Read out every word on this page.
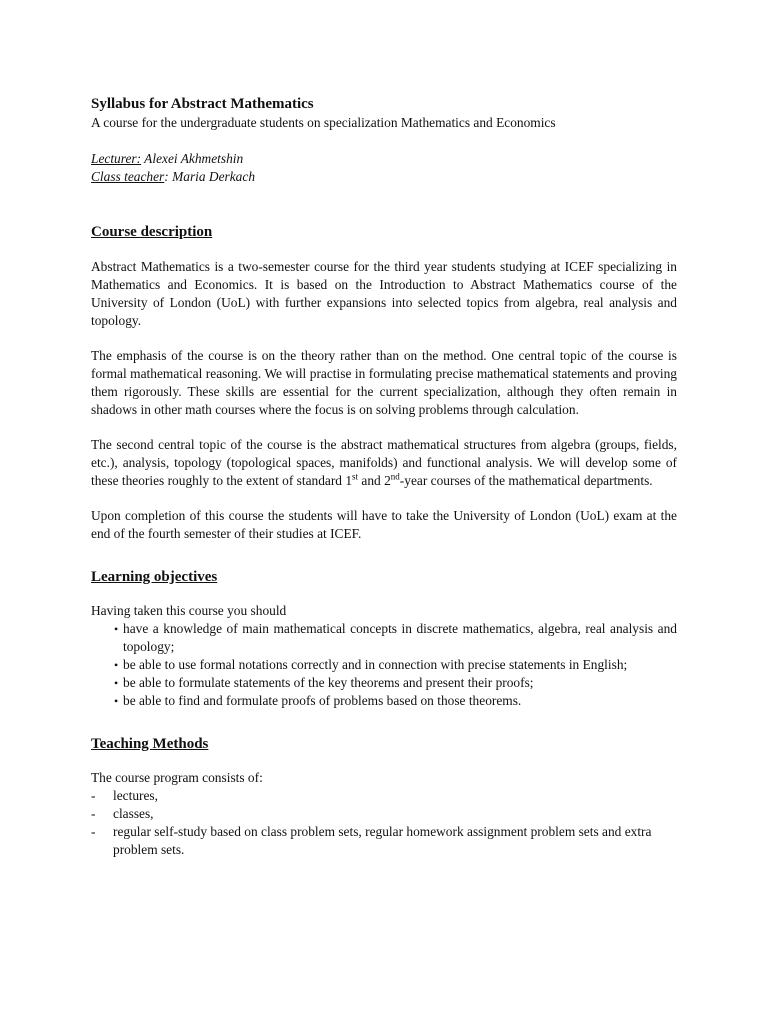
Syllabus for Abstract Mathematics

A course for the undergraduate students on specialization Mathematics and Economics

Lecturer: Alexei Akhmetshin
Class teacher: Maria Derkach
Course description

Abstract Mathematics is a two-semester course for the third year students studying at ICEF specializing in Mathematics and Economics. It is based on the Introduction to Abstract Mathematics course of the University of London (UoL) with further expansions into selected topics from algebra, real analysis and topology.

The emphasis of the course is on the theory rather than on the method. One central topic of the course is formal mathematical reasoning. We will practise in formulating precise mathematical statements and proving them rigorously. These skills are essential for the current specialization, although they often remain in shadows in other math courses where the focus is on solving problems through calculation.

The second central topic of the course is the abstract mathematical structures from algebra (groups, fields, etc.), analysis, topology (topological spaces, manifolds) and functional analysis. We will develop some of these theories roughly to the extent of standard 1st and 2nd-year courses of the mathematical departments.

Upon completion of this course the students will have to take the University of London (UoL) exam at the end of the fourth semester of their studies at ICEF.

Learning objectives
Having taken this course you should
• have a knowledge of main mathematical concepts in discrete mathematics, algebra, real analysis and topology;
• be able to use formal notations correctly and in connection with precise statements in English;
• be able to formulate statements of the key theorems and present their proofs;
• be able to find and formulate proofs of problems based on those theorems.
Teaching Methods
The course program consists of:
- lectures,
- classes,
- regular self-study based on class problem sets, regular homework assignment problem sets and extra problem sets.
